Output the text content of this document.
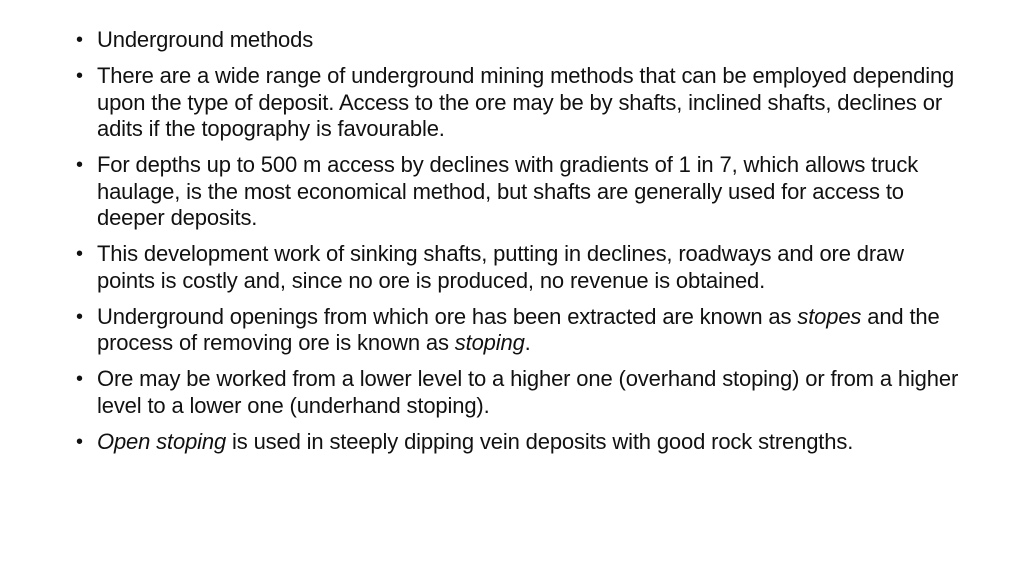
• Underground methods
• There are a wide range of underground mining methods that can be employed depending upon the type of deposit. Access to the ore may be by shafts, inclined shafts, declines or adits if the topography is favourable.
• For depths up to 500 m access by declines with gradients of 1 in 7, which allows truck haulage, is the most economical method, but shafts are generally used for access to deeper deposits.
• This development work of sinking shafts, putting in declines, roadways and ore draw points is costly and, since no ore is produced, no revenue is obtained.
• Underground openings from which ore has been extracted are known as stopes and the process of removing ore is known as stoping.
• Ore may be worked from a lower level to a higher one (overhand stoping) or from a higher level to a lower one (underhand stoping).
• Open stoping is used in steeply dipping vein deposits with good rock strengths.
